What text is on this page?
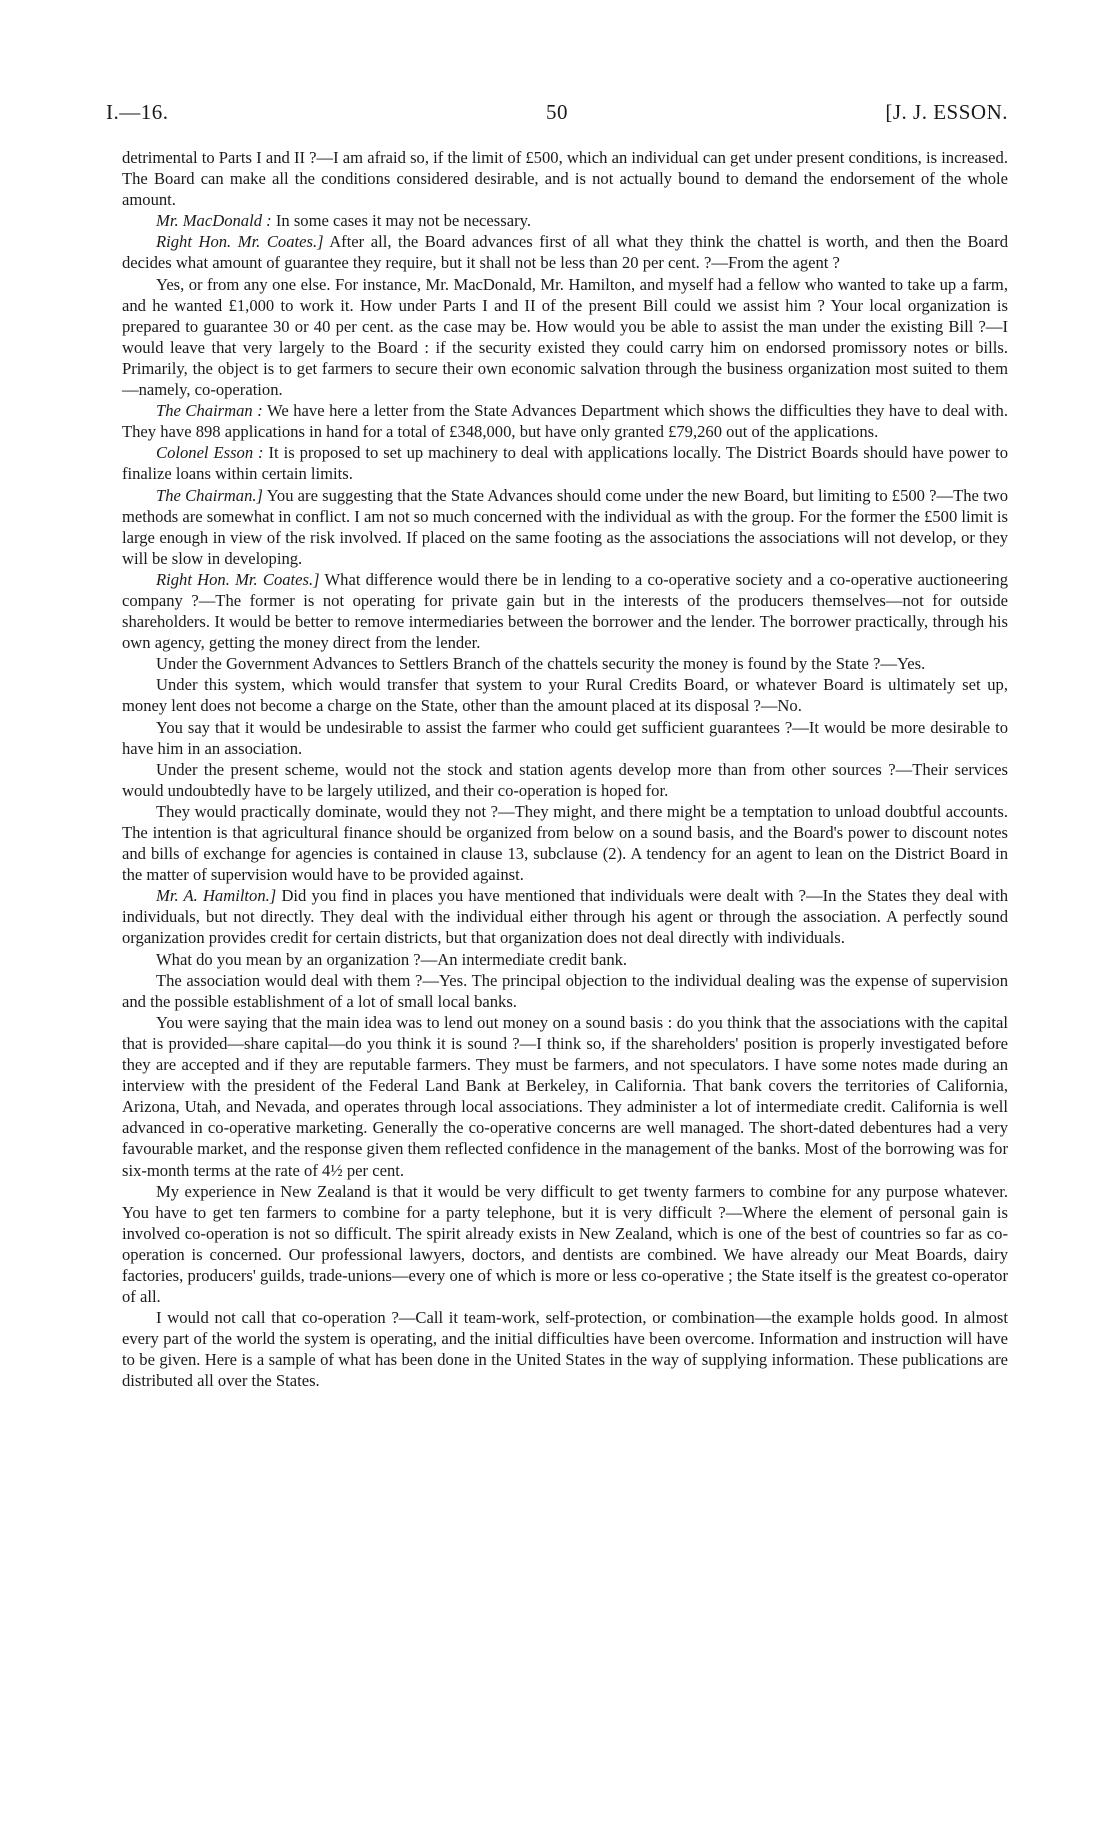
I.—16.	50	[J. J. ESSON.

detrimental to Parts I and II ?—I am afraid so, if the limit of £500, which an individual can get under present conditions, is increased. The Board can make all the conditions considered desirable, and is not actually bound to demand the endorsement of the whole amount.

Mr. MacDonald : In some cases it may not be necessary.

Right Hon. Mr. Coates.] After all, the Board advances first of all what they think the chattel is worth, and then the Board decides what amount of guarantee they require, but it shall not be less than 20 per cent. ?—From the agent ?

Yes, or from any one else. For instance, Mr. MacDonald, Mr. Hamilton, and myself had a fellow who wanted to take up a farm, and he wanted £1,000 to work it. How under Parts I and II of the present Bill could we assist him ? Your local organization is prepared to guarantee 30 or 40 per cent. as the case may be. How would you be able to assist the man under the existing Bill ?—I would leave that very largely to the Board : if the security existed they could carry him on endorsed promissory notes or bills. Primarily, the object is to get farmers to secure their own economic salvation through the business organization most suited to them—namely, co-operation.

The Chairman : We have here a letter from the State Advances Department which shows the difficulties they have to deal with. They have 898 applications in hand for a total of £348,000, but have only granted £79,260 out of the applications.

Colonel Esson : It is proposed to set up machinery to deal with applications locally. The District Boards should have power to finalize loans within certain limits.

The Chairman.] You are suggesting that the State Advances should come under the new Board, but limiting to £500 ?—The two methods are somewhat in conflict. I am not so much concerned with the individual as with the group. For the former the £500 limit is large enough in view of the risk involved. If placed on the same footing as the associations the associations will not develop, or they will be slow in developing.

Right Hon. Mr. Coates.] What difference would there be in lending to a co-operative society and a co-operative auctioneering company ?—The former is not operating for private gain but in the interests of the producers themselves—not for outside shareholders. It would be better to remove intermediaries between the borrower and the lender. The borrower practically, through his own agency, getting the money direct from the lender.

Under the Government Advances to Settlers Branch of the chattels security the money is found by the State ?—Yes.

Under this system, which would transfer that system to your Rural Credits Board, or whatever Board is ultimately set up, money lent does not become a charge on the State, other than the amount placed at its disposal ?—No.

You say that it would be undesirable to assist the farmer who could get sufficient guarantees ?—It would be more desirable to have him in an association.

Under the present scheme, would not the stock and station agents develop more than from other sources ?—Their services would undoubtedly have to be largely utilized, and their co-operation is hoped for.

They would practically dominate, would they not ?—They might, and there might be a temptation to unload doubtful accounts. The intention is that agricultural finance should be organized from below on a sound basis, and the Board's power to discount notes and bills of exchange for agencies is contained in clause 13, subclause (2). A tendency for an agent to lean on the District Board in the matter of supervision would have to be provided against.

Mr. A. Hamilton.] Did you find in places you have mentioned that individuals were dealt with ?—In the States they deal with individuals, but not directly. They deal with the individual either through his agent or through the association. A perfectly sound organization provides credit for certain districts, but that organization does not deal directly with individuals.

What do you mean by an organization ?—An intermediate credit bank.

The association would deal with them ?—Yes. The principal objection to the individual dealing was the expense of supervision and the possible establishment of a lot of small local banks.

You were saying that the main idea was to lend out money on a sound basis : do you think that the associations with the capital that is provided—share capital—do you think it is sound ?—I think so, if the shareholders' position is properly investigated before they are accepted and if they are reputable farmers. They must be farmers, and not speculators. I have some notes made during an interview with the president of the Federal Land Bank at Berkeley, in California. That bank covers the territories of California, Arizona, Utah, and Nevada, and operates through local associations. They administer a lot of intermediate credit. California is well advanced in co-operative marketing. Generally the co-operative concerns are well managed. The short-dated debentures had a very favourable market, and the response given them reflected confidence in the management of the banks. Most of the borrowing was for six-month terms at the rate of 4½ per cent.

My experience in New Zealand is that it would be very difficult to get twenty farmers to combine for any purpose whatever. You have to get ten farmers to combine for a party telephone, but it is very difficult ?—Where the element of personal gain is involved co-operation is not so difficult. The spirit already exists in New Zealand, which is one of the best of countries so far as co-operation is concerned. Our professional lawyers, doctors, and dentists are combined. We have already our Meat Boards, dairy factories, producers' guilds, trade-unions—every one of which is more or less co-operative ; the State itself is the greatest co-operator of all.

I would not call that co-operation ?—Call it team-work, self-protection, or combination—the example holds good. In almost every part of the world the system is operating, and the initial difficulties have been overcome. Information and instruction will have to be given. Here is a sample of what has been done in the United States in the way of supplying information. These publications are distributed all over the States.
